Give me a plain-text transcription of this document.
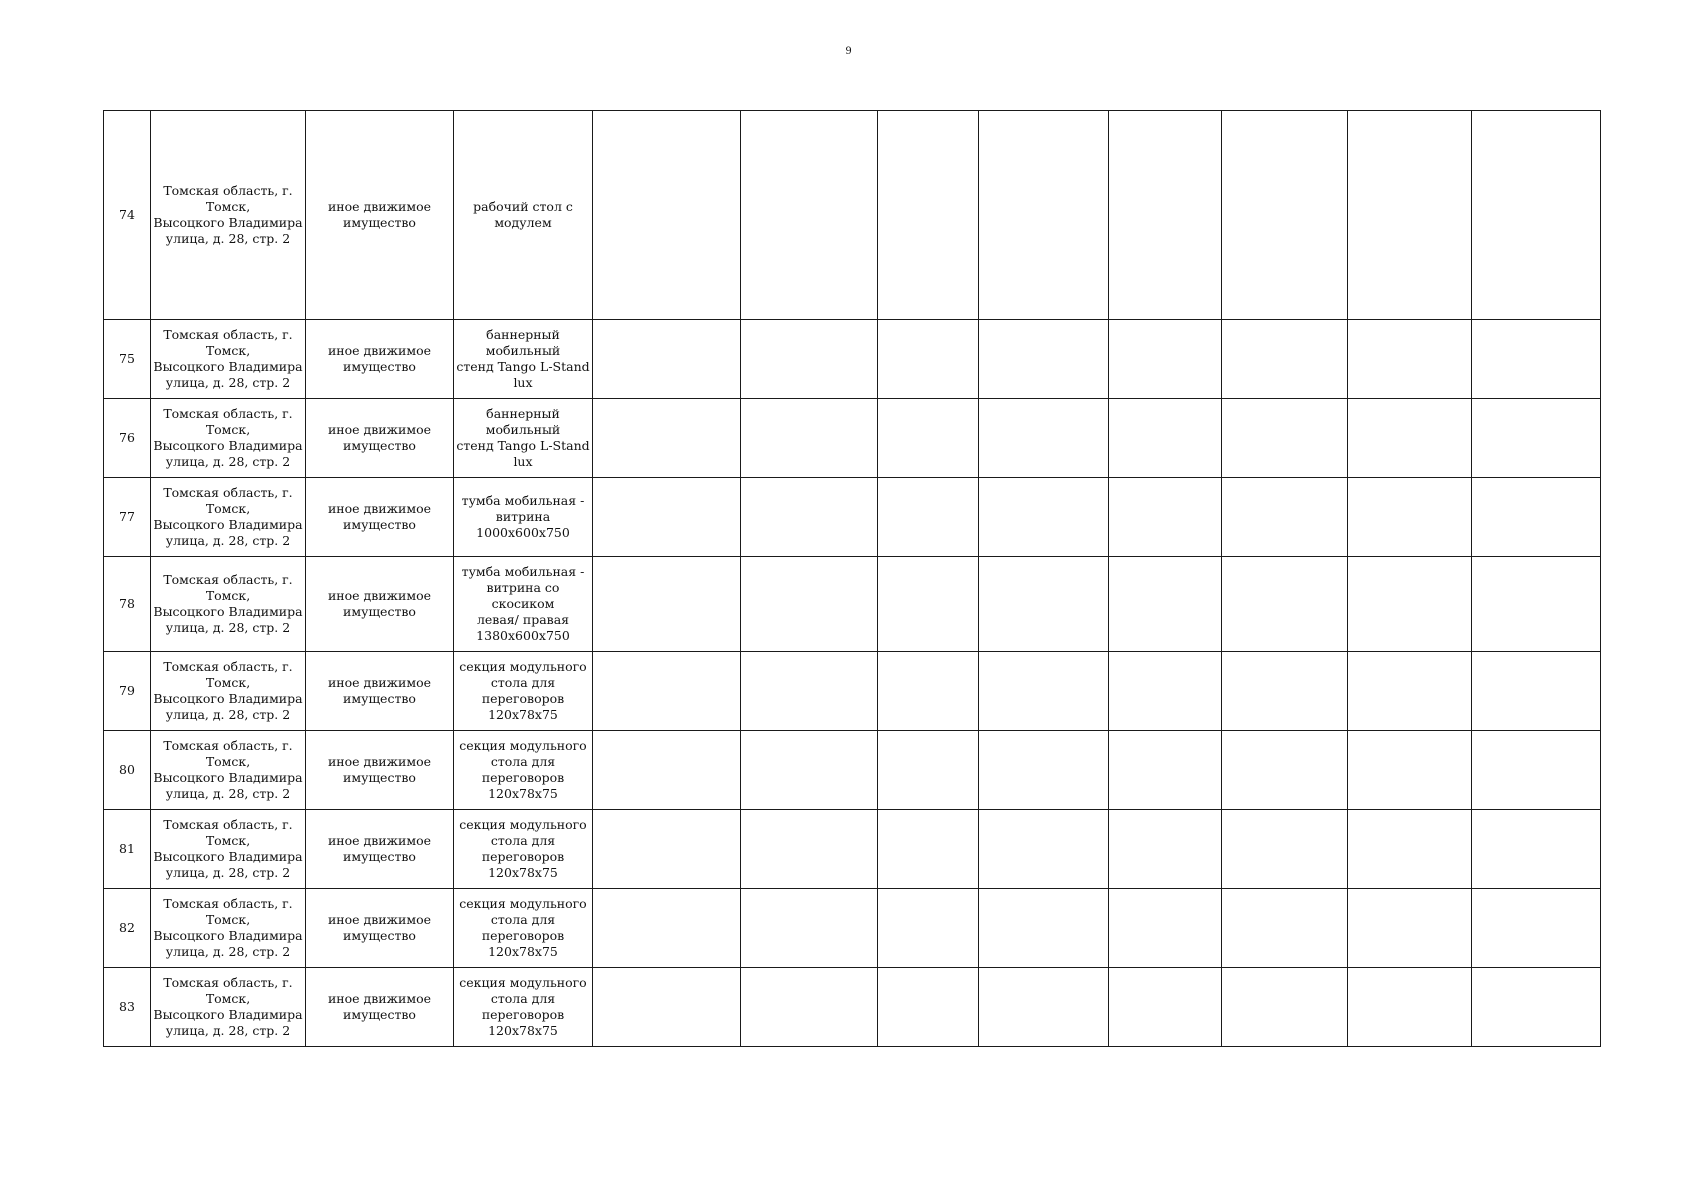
9
74	Томская область, г. Томск,
Высоцкого Владимира
улица, д. 28, стр. 2	иное движимое
имущество	рабочий стол с
модулем								
75	Томская область, г. Томск,
Высоцкого Владимира
улица, д. 28, стр. 2	иное движимое
имущество	баннерный мобильный
стенд Tango L-Stand lux								
76	Томская область, г. Томск,
Высоцкого Владимира
улица, д. 28, стр. 2	иное движимое
имущество	баннерный мобильный
стенд Tango L-Stand lux								
77	Томская область, г. Томск,
Высоцкого Владимира
улица, д. 28, стр. 2	иное движимое
имущество	тумба мобильная -
витрина 1000x600x750								
78	Томская область, г. Томск,
Высоцкого Владимира
улица, д. 28, стр. 2	иное движимое
имущество	тумба мобильная -
витрина со скосиком
левая/ правая
1380x600x750								
79	Томская область, г. Томск,
Высоцкого Владимира
улица, д. 28, стр. 2	иное движимое
имущество	секция модульного
стола для переговоров
120x78x75								
80	Томская область, г. Томск,
Высоцкого Владимира
улица, д. 28, стр. 2	иное движимое
имущество	секция модульного
стола для переговоров
120x78x75								
81	Томская область, г. Томск,
Высоцкого Владимира
улица, д. 28, стр. 2	иное движимое
имущество	секция модульного
стола для переговоров
120x78x75								
82	Томская область, г. Томск,
Высоцкого Владимира
улица, д. 28, стр. 2	иное движимое
имущество	секция модульного
стола для переговоров
120x78x75								
83	Томская область, г. Томск,
Высоцкого Владимира
улица, д. 28, стр. 2	иное движимое
имущество	секция модульного
стола для переговоров
120x78x75								
